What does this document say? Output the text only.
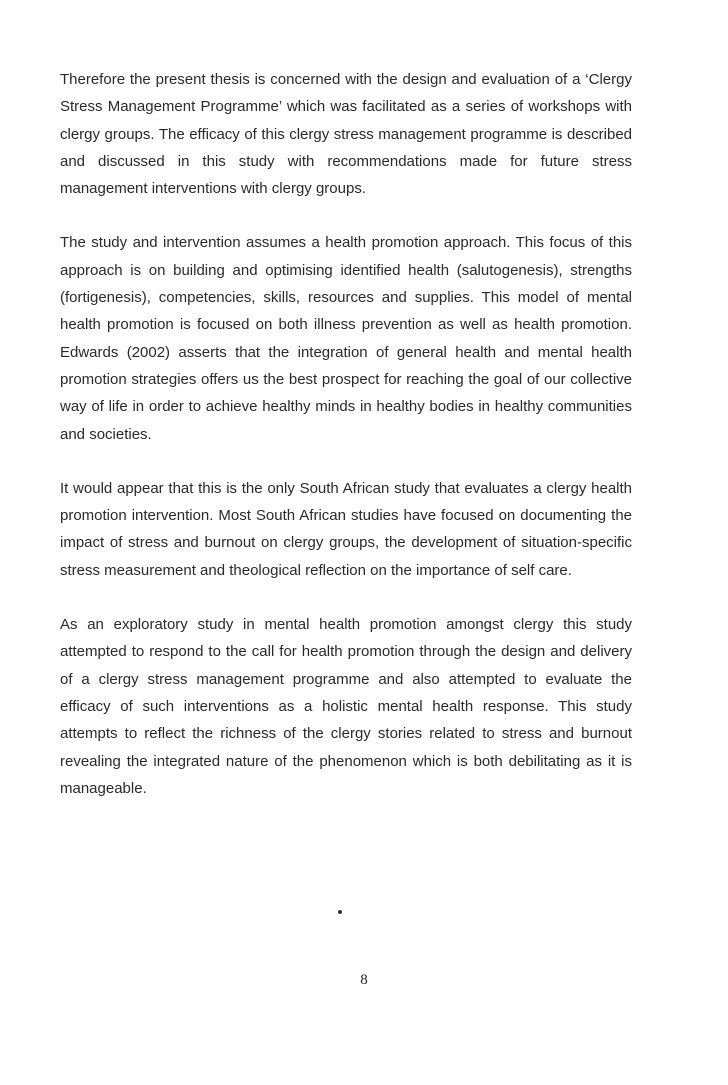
Therefore the present thesis is concerned with the design and evaluation of a ‘Clergy Stress Management Programme’ which was facilitated as a series of workshops with clergy groups. The efficacy of this clergy stress management programme is described and discussed in this study with recommendations made for future stress management interventions with clergy groups.

The study and intervention assumes a health promotion approach. This focus of this approach is on building and optimising identified health (salutogenesis), strengths (fortigenesis), competencies, skills, resources and supplies. This model of mental health promotion is focused on both illness prevention as well as health promotion. Edwards (2002) asserts that the integration of general health and mental health promotion strategies offers us the best prospect for reaching the goal of our collective way of life in order to achieve healthy minds in healthy bodies in healthy communities and societies.

It would appear that this is the only South African study that evaluates a clergy health promotion intervention. Most South African studies have focused on documenting the impact of stress and burnout on clergy groups, the development of situation-specific stress measurement and theological reflection on the importance of self care.

As an exploratory study in mental health promotion amongst clergy this study attempted to respond to the call for health promotion through the design and delivery of a clergy stress management programme and also attempted to evaluate the efficacy of such interventions as a holistic mental health response. This study attempts to reflect the richness of the clergy stories related to stress and burnout revealing the integrated nature of the phenomenon which is both debilitating as it is manageable.

8
